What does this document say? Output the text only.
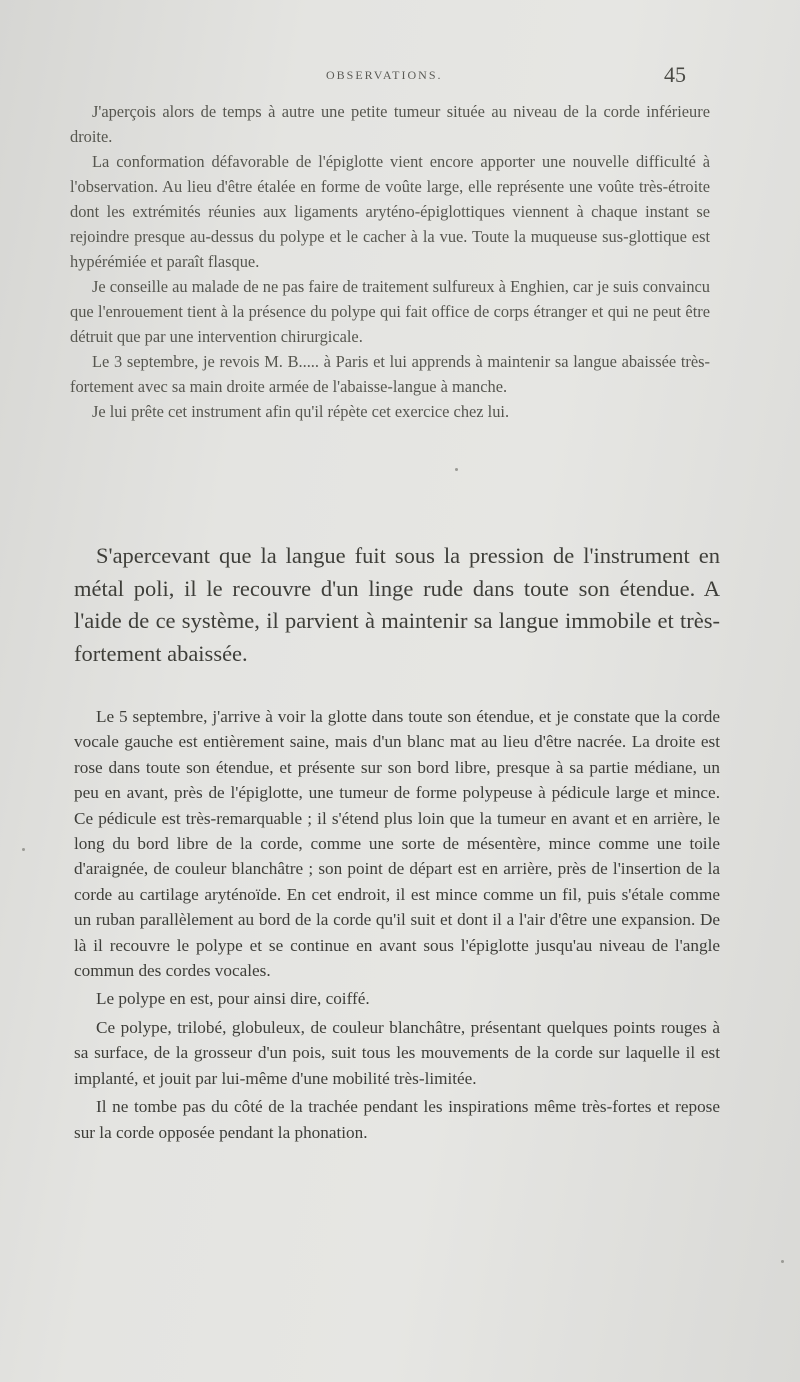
OBSERVATIONS.	45

J'aperçois alors de temps à autre une petite tumeur située au niveau de la corde inférieure droite.

La conformation défavorable de l'épiglotte vient encore apporter une nouvelle difficulté à l'observation. Au lieu d'être étalée en forme de voûte large, elle représente une voûte très-étroite dont les extrémités réunies aux ligaments aryténo-épiglottiques viennent à chaque instant se rejoindre presque au-dessus du polype et le cacher à la vue. Toute la muqueuse sus-glottique est hypérémiée et paraît flasque.

Je conseille au malade de ne pas faire de traitement sulfureux à Enghien, car je suis convaincu que l'enrouement tient à la présence du polype qui fait office de corps étranger et qui ne peut être détruit que par une intervention chirurgicale.

Le 3 septembre, je revois M. B..... à Paris et lui apprends à maintenir sa langue abaissée très-fortement avec sa main droite armée de l'abaisse-langue à manche.

Je lui prête cet instrument afin qu'il répète cet exercice chez lui.

S'apercevant que la langue fuit sous la pression de l'instrument en métal poli, il le recouvre d'un linge rude dans toute son étendue. A l'aide de ce système, il parvient à maintenir sa langue immobile et très-fortement abaissée.

Le 5 septembre, j'arrive à voir la glotte dans toute son étendue, et je constate que la corde vocale gauche est entièrement saine, mais d'un blanc mat au lieu d'être nacrée. La droite est rose dans toute son étendue, et présente sur son bord libre, presque à sa partie médiane, un peu en avant, près de l'épiglotte, une tumeur de forme polypeuse à pédicule large et mince. Ce pédicule est très-remarquable ; il s'étend plus loin que la tumeur en avant et en arrière, le long du bord libre de la corde, comme une sorte de mésentère, mince comme une toile d'araignée, de couleur blanchâtre ; son point de départ est en arrière, près de l'insertion de la corde au cartilage aryténoïde. En cet endroit, il est mince comme un fil, puis s'étale comme un ruban parallèlement au bord de la corde qu'il suit et dont il a l'air d'être une expansion. De là il recouvre le polype et se continue en avant sous l'épiglotte jusqu'au niveau de l'angle commun des cordes vocales.

Le polype en est, pour ainsi dire, coiffé.

Ce polype, trilobé, globuleux, de couleur blanchâtre, présentant quelques points rouges à sa surface, de la grosseur d'un pois, suit tous les mouvements de la corde sur laquelle il est implanté, et jouit par lui-même d'une mobilité très-limitée.

Il ne tombe pas du côté de la trachée pendant les inspirations même très-fortes et repose sur la corde opposée pendant la phonation.
